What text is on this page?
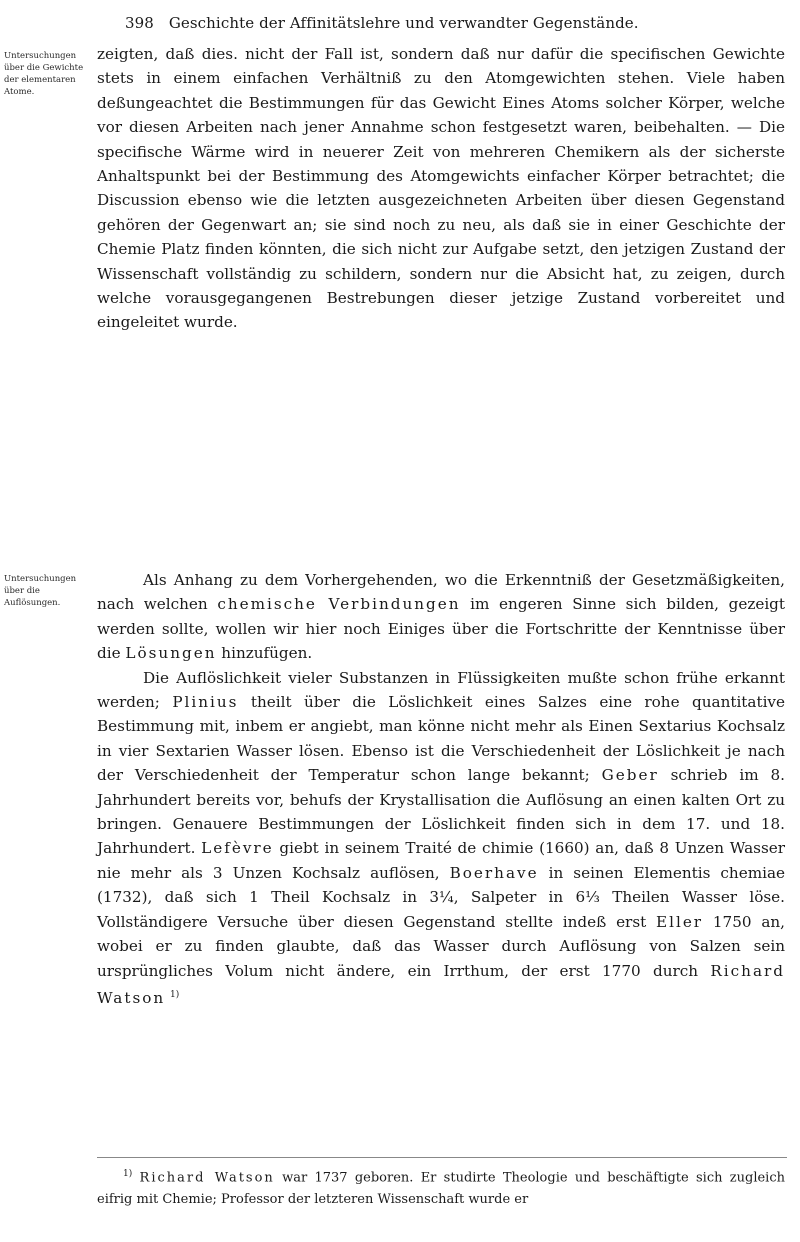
398 Geschichte der Affinitätslehre und verwandter Gegenstände.
Untersuchungen über die Gewichte der elementaren Atome.
Untersuchungen über die Auflösungen.

zeigten, daß dies. nicht der Fall ist, sondern daß nur dafür die specifischen Gewichte stets in einem einfachen Verhältniß zu den Atomgewichten stehen. Viele haben deßungeachtet die Bestimmungen für das Gewicht Eines Atoms solcher Körper, welche vor diesen Arbeiten nach jener Annahme schon festgesetzt waren, beibehalten. — Die specifische Wärme wird in neuerer Zeit von mehreren Chemikern als der sicherste Anhaltspunkt bei der Bestimmung des Atomgewichts einfacher Körper betrachtet; die Discussion ebenso wie die letzten ausgezeichneten Arbeiten über diesen Gegenstand gehören der Gegenwart an; sie sind noch zu neu, als daß sie in einer Geschichte der Chemie Platz finden könnten, die sich nicht zur Aufgabe setzt, den jetzigen Zustand der Wissenschaft vollständig zu schildern, sondern nur die Absicht hat, zu zeigen, durch welche vorausgegangenen Bestrebungen dieser jetzige Zustand vorbereitet und eingeleitet wurde.

Als Anhang zu dem Vorhergehenden, wo die Erkenntniß der Gesetzmäßigkeiten, nach welchen chemische Verbindungen im engeren Sinne sich bilden, gezeigt werden sollte, wollen wir hier noch Einiges über die Fortschritte der Kenntnisse über die Lösungen hinzufügen.

Die Auflöslichkeit vieler Substanzen in Flüssigkeiten mußte schon frühe erkannt werden; Plinius theilt über die Löslichkeit eines Salzes eine rohe quantitative Bestimmung mit, inbem er angiebt, man könne nicht mehr als Einen Sextarius Kochsalz in vier Sextarien Wasser lösen. Ebenso ist die Verschiedenheit der Löslichkeit je nach der Verschiedenheit der Temperatur schon lange bekannt; Geber schrieb im 8. Jahrhundert bereits vor, behufs der Krystallisation die Auflösung an einen kalten Ort zu bringen. Genauere Bestimmungen der Löslichkeit finden sich in dem 17. und 18. Jahrhundert. Lefèvre giebt in seinem Traité de chimie (1660) an, daß 8 Unzen Wasser nie mehr als 3 Unzen Kochsalz auflösen, Boerhave in seinen Elementis chemiae (1732), daß sich 1 Theil Kochsalz in 3¼, Salpeter in 6⅓ Theilen Wasser löse. Vollständigere Versuche über diesen Gegenstand stellte indeß erst Eller 1750 an, wobei er zu finden glaubte, daß das Wasser durch Auflösung von Salzen sein ursprüngliches Volum nicht ändere, ein Irrthum, der erst 1770 durch Richard Watson $^{1)}$

$^{1)}$ Richard Watson war 1737 geboren. Er studirte Theologie und beschäftigte sich zugleich eifrig mit Chemie; Professor der letzteren Wissenschaft wurde er
